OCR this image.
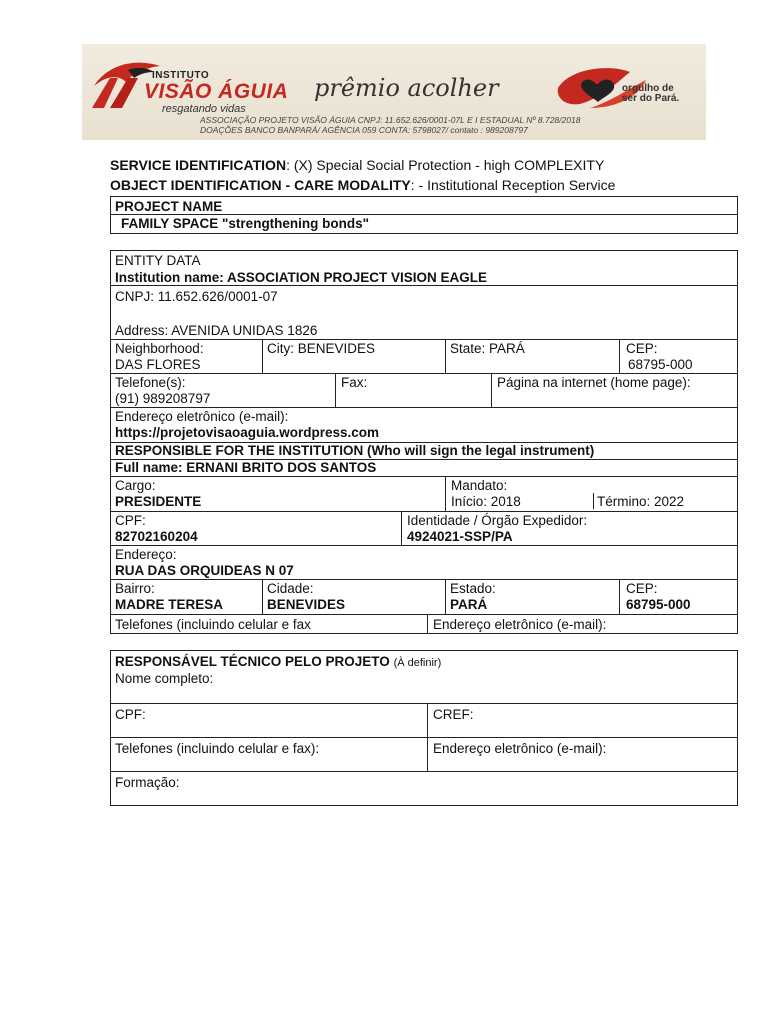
INSTITUTO
VISÃO ÁGUIA
resgatando vidas
prêmio acolher	orgulho de
ser do Pará.
ASSOCIAÇÃO PROJETO VISÃO ÁGUIA CNPJ: 11.652.626/0001-07L E I ESTADUAL Nº 8.728/2018
DOAÇÕES BANCO BANPARÁ/ AGÊNCIA 059 CONTA: 5798027/ contato : 989208797
SERVICE IDENTIFICATION: (X) Special Social Protection - high COMPLEXITY
OBJECT IDENTIFICATION - CARE MODALITY: - Institutional Reception Service
PROJECT NAME
FAMILY SPACE "strengthening bonds"
ENTITY DATA
Institution name: ASSOCIATION PROJECT VISION EAGLE
CNPJ: 11.652.626/0001-07
Address: AVENIDA UNIDAS 1826
Neighborhood:
DAS FLORES
City: BENEVIDES	State: PARÁ	CEP:
68795-000
Telefone(s):
(91) 989208797
Fax:	Página na internet (home page):
Endereço eletrônico (e-mail):
https://projetovisaoaguia.wordpress.com
RESPONSIBLE FOR THE INSTITUTION (Who will sign the legal instrument)
Full name: ERNANI BRITO DOS SANTOS
Cargo:
PRESIDENTE
Mandato:
Início: 2018	Término: 2022
CPF:
82702160204
Identidade / Órgão Expedidor:
4924021-SSP/PA
Endereço:
RUA DAS ORQUIDEAS N 07
Bairro:
MADRE TERESA
Cidade:
BENEVIDES
Estado:
PARÁ
CEP:
68795-000
Telefones (incluindo celular e fax	Endereço eletrônico (e-mail):
RESPONSÁVEL TÉCNICO PELO PROJETO (À definir)
Nome completo:
CPF:	CREF:
Telefones (incluindo celular e fax):	Endereço eletrônico (e-mail):
Formação:
